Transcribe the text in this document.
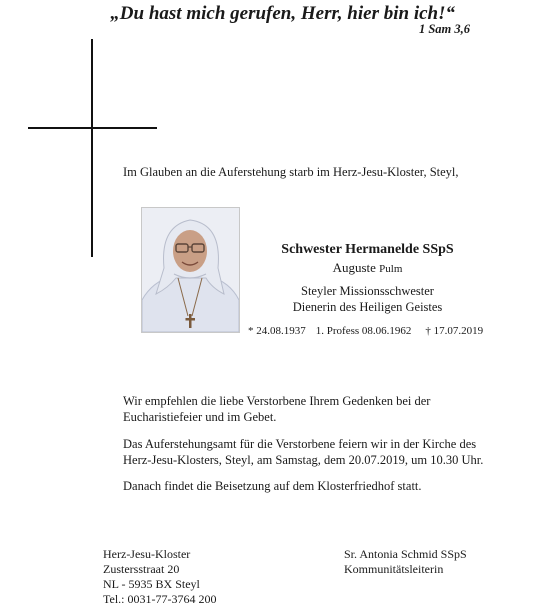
„Du hast mich gerufen, Herr, hier bin ich!“
1 Sam 3,6
Im Glauben an die Auferstehung starb im Herz-Jesu-Kloster, Steyl,
Schwester Hermanelde SSpS
Auguste Pulm
Steyler Missionsschwester
Dienerin des Heiligen Geistes
* 24.08.1937 1. Profess 08.06.1962 † 17.07.2019
Wir empfehlen die liebe Verstorbene Ihrem Gedenken bei der
Eucharistiefeier und im Gebet.
Das Auferstehungsamt für die Verstorbene feiern wir in der Kirche des
Herz-Jesu-Klosters, Steyl, am Samstag, dem 20.07.2019, um 10.30 Uhr.
Danach findet die Beisetzung auf dem Klosterfriedhof statt.
Herz-Jesu-Kloster
Zustersstraat 20
NL - 5935 BX Steyl
Tel.: 0031-77-3764 200
Sr. Antonia Schmid SSpS
Kommunitätsleiterin
